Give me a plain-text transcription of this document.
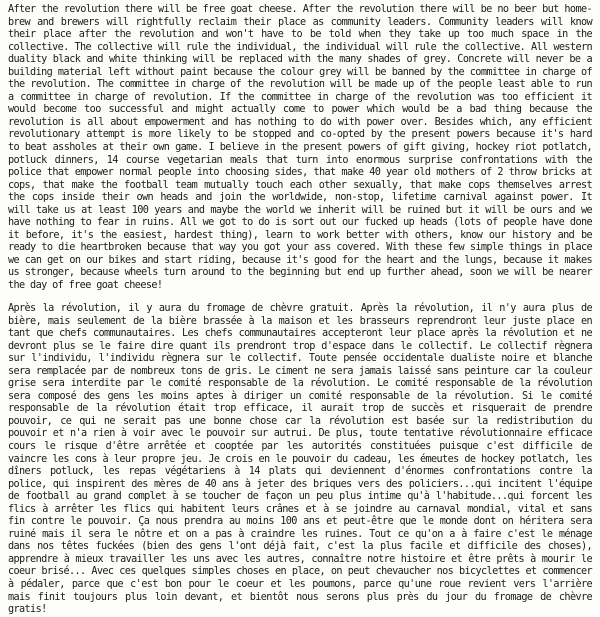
After the revolution there will be free goat cheese. After the revolution there will be no beer but home-brew and brewers will rightfully reclaim their place as community leaders. Community leaders will know their place after the revolution and won't have to be told when they take up too much space in the collective. The collective will rule the individual, the individual will rule the collective. All western duality black and white thinking will be replaced with the many shades of grey. Concrete will never be a building material left without paint because the colour grey will be banned by the committee in charge of the revolution. The committee in charge of the revolution will be made up of the people least able to run a committee in charge of revolution. If the committee in charge of the revolution was too efficient it would become too successful and might actually come to power which would be a bad thing because the revolution is all about empowerment and has nothing to do with power over. Besides which, any efficient revolutionary attempt is more likely to be stopped and co-opted by the present powers because it's hard to beat assholes at their own game. I believe in the present powers of gift giving, hockey riot potlatch, potluck dinners, 14 course vegetarian meals that turn into enormous surprise confrontations with the police that empower normal people into choosing sides, that make 40 year old mothers of 2 throw bricks at cops, that make the football team mutually touch each other sexually, that make cops themselves arrest the cops inside their own heads and join the worldwide, non-stop, lifetime carnival against power. It will take us at least 100 years and maybe the world we inherit will be ruined but it will be ours and we have nothing to fear in ruins. All we got to do is sort out our fucked up heads (lots of people have done it before, it's the easiest, hardest thing), learn to work better with others, know our history and be ready to die heartbroken because that way you got your ass covered. With these few simple things in place we can get on our bikes and start riding, because it's good for the heart and the lungs, because it makes us stronger, because wheels turn around to the beginning but end up further ahead, soon we will be nearer the day of free goat cheese!

Après la révolution, il y aura du fromage de chèvre gratuit. Après la révolution, il n'y aura plus de bière, mais seulement de la bière brassée à la maison et les brasseurs reprendront leur juste place en tant que chefs communautaires. Les chefs communautaires accepteront leur place après la révolution et ne devront plus se le faire dire quant ils prendront trop d'espace dans le collectif. Le collectif règnera sur l'individu, l'individu règnera sur le collectif. Toute pensée occidentale dualiste noire et blanche sera remplacée par de nombreux tons de gris. Le ciment ne sera jamais laissé sans peinture car la couleur grise sera interdite par le comité responsable de la révolution. Le comité responsable de la révolution sera composé des gens les moins aptes à diriger un comité responsable de la révolution. Si le comité responsable de la révolution était trop efficace, il aurait trop de succès et risquerait de prendre pouvoir, ce qui ne serait pas une bonne chose car la révolution est basée sur la redistribution du pouvoir et n'a rien à voir avec le pouvoir sur autrui. De plus, toute tentative révolutionnaire efficace cours le risque d'être arrêtée et cooptée par les autorités constituées puisque c'est difficile de vaincre les cons à leur propre jeu. Je crois en le pouvoir du cadeau, les émeutes de hockey potlatch, les dîners potluck, les repas végétariens à 14 plats qui deviennent d'énormes confrontations contre la police, qui inspirent des mères de 40 ans à jeter des briques vers des policiers...qui incitent l'équipe de football au grand complet à se toucher de façon un peu plus intime qu'à l'habitude...qui forcent les flics à arrêter les flics qui habitent leurs crânes et à se joindre au carnaval mondial, vital et sans fin contre le pouvoir. Ça nous prendra au moins 100 ans et peut-être que le monde dont on héritera sera ruiné mais il sera le nôtre et on a pas à craindre les ruines. Tout ce qu'on a à faire c'est le ménage dans nos têtes fuckées (bien des gens l'ont déjà fait, c'est la plus facile et difficile des choses), apprendre à mieux travailler les uns avec les autres, connaître notre histoire et être prêts à mourir le coeur brisé... Avec ces quelques simples choses en place, on peut chevaucher nos bicyclettes et commencer à pédaler, parce que c'est bon pour le coeur et les poumons, parce qu'une roue revient vers l'arrière mais finit toujours plus loin devant, et bientôt nous serons plus près du jour du fromage de chèvre gratis!
